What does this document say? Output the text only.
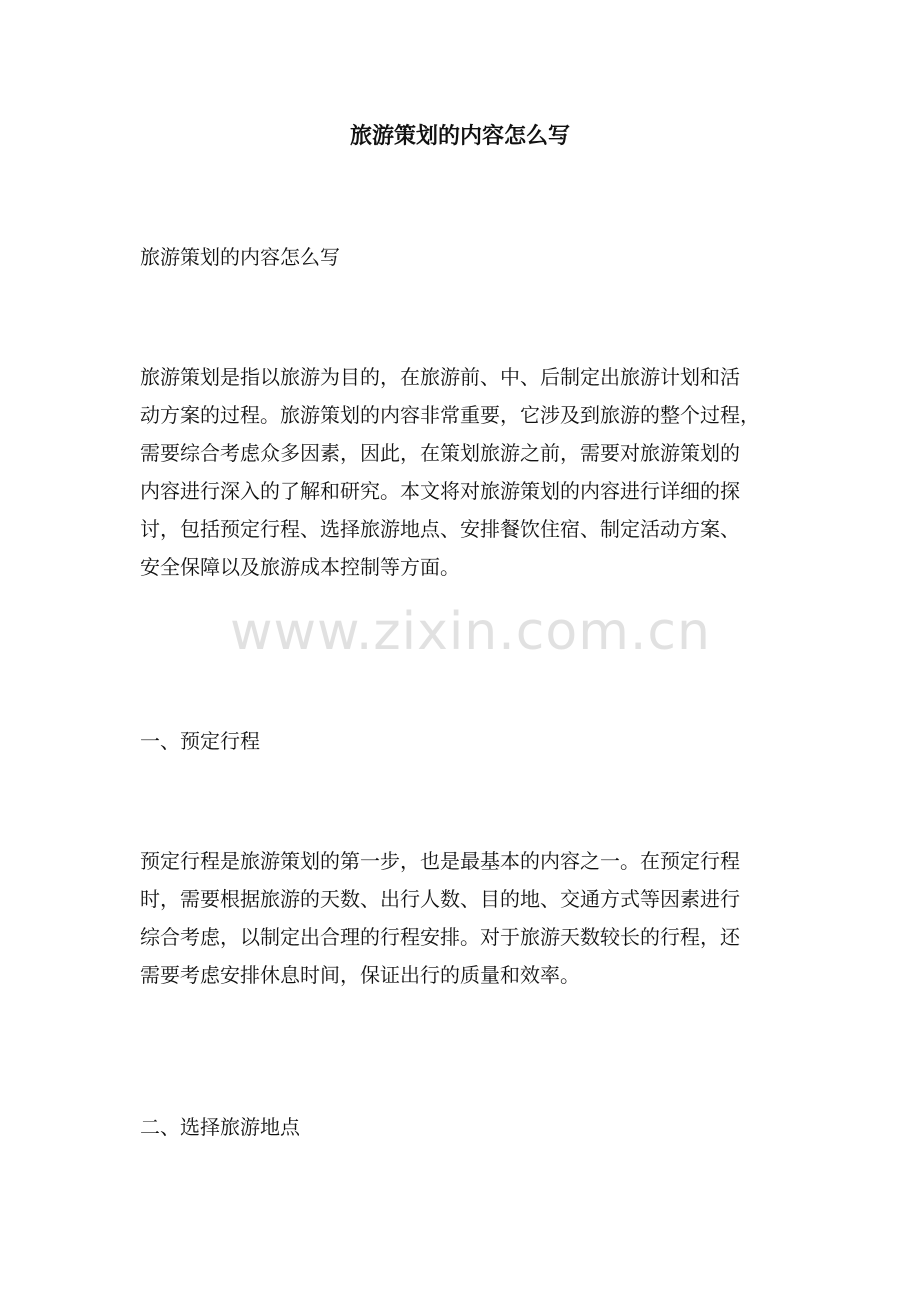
旅游策划的内容怎么写

旅游策划的内容怎么写

旅游策划是指以旅游为目的，在旅游前、中、后制定出旅游计划和活
动方案的过程。旅游策划的内容非常重要，它涉及到旅游的整个过程，
需要综合考虑众多因素，因此，在策划旅游之前，需要对旅游策划的
内容进行深入的了解和研究。本文将对旅游策划的内容进行详细的探
讨，包括预定行程、选择旅游地点、安排餐饮住宿、制定活动方案、
安全保障以及旅游成本控制等方面。

一、预定行程

预定行程是旅游策划的第一步，也是最基本的内容之一。在预定行程
时，需要根据旅游的天数、出行人数、目的地、交通方式等因素进行
综合考虑，以制定出合理的行程安排。对于旅游天数较长的行程，还
需要考虑安排休息时间，保证出行的质量和效率。

二、选择旅游地点

www.zixin.com.cn
